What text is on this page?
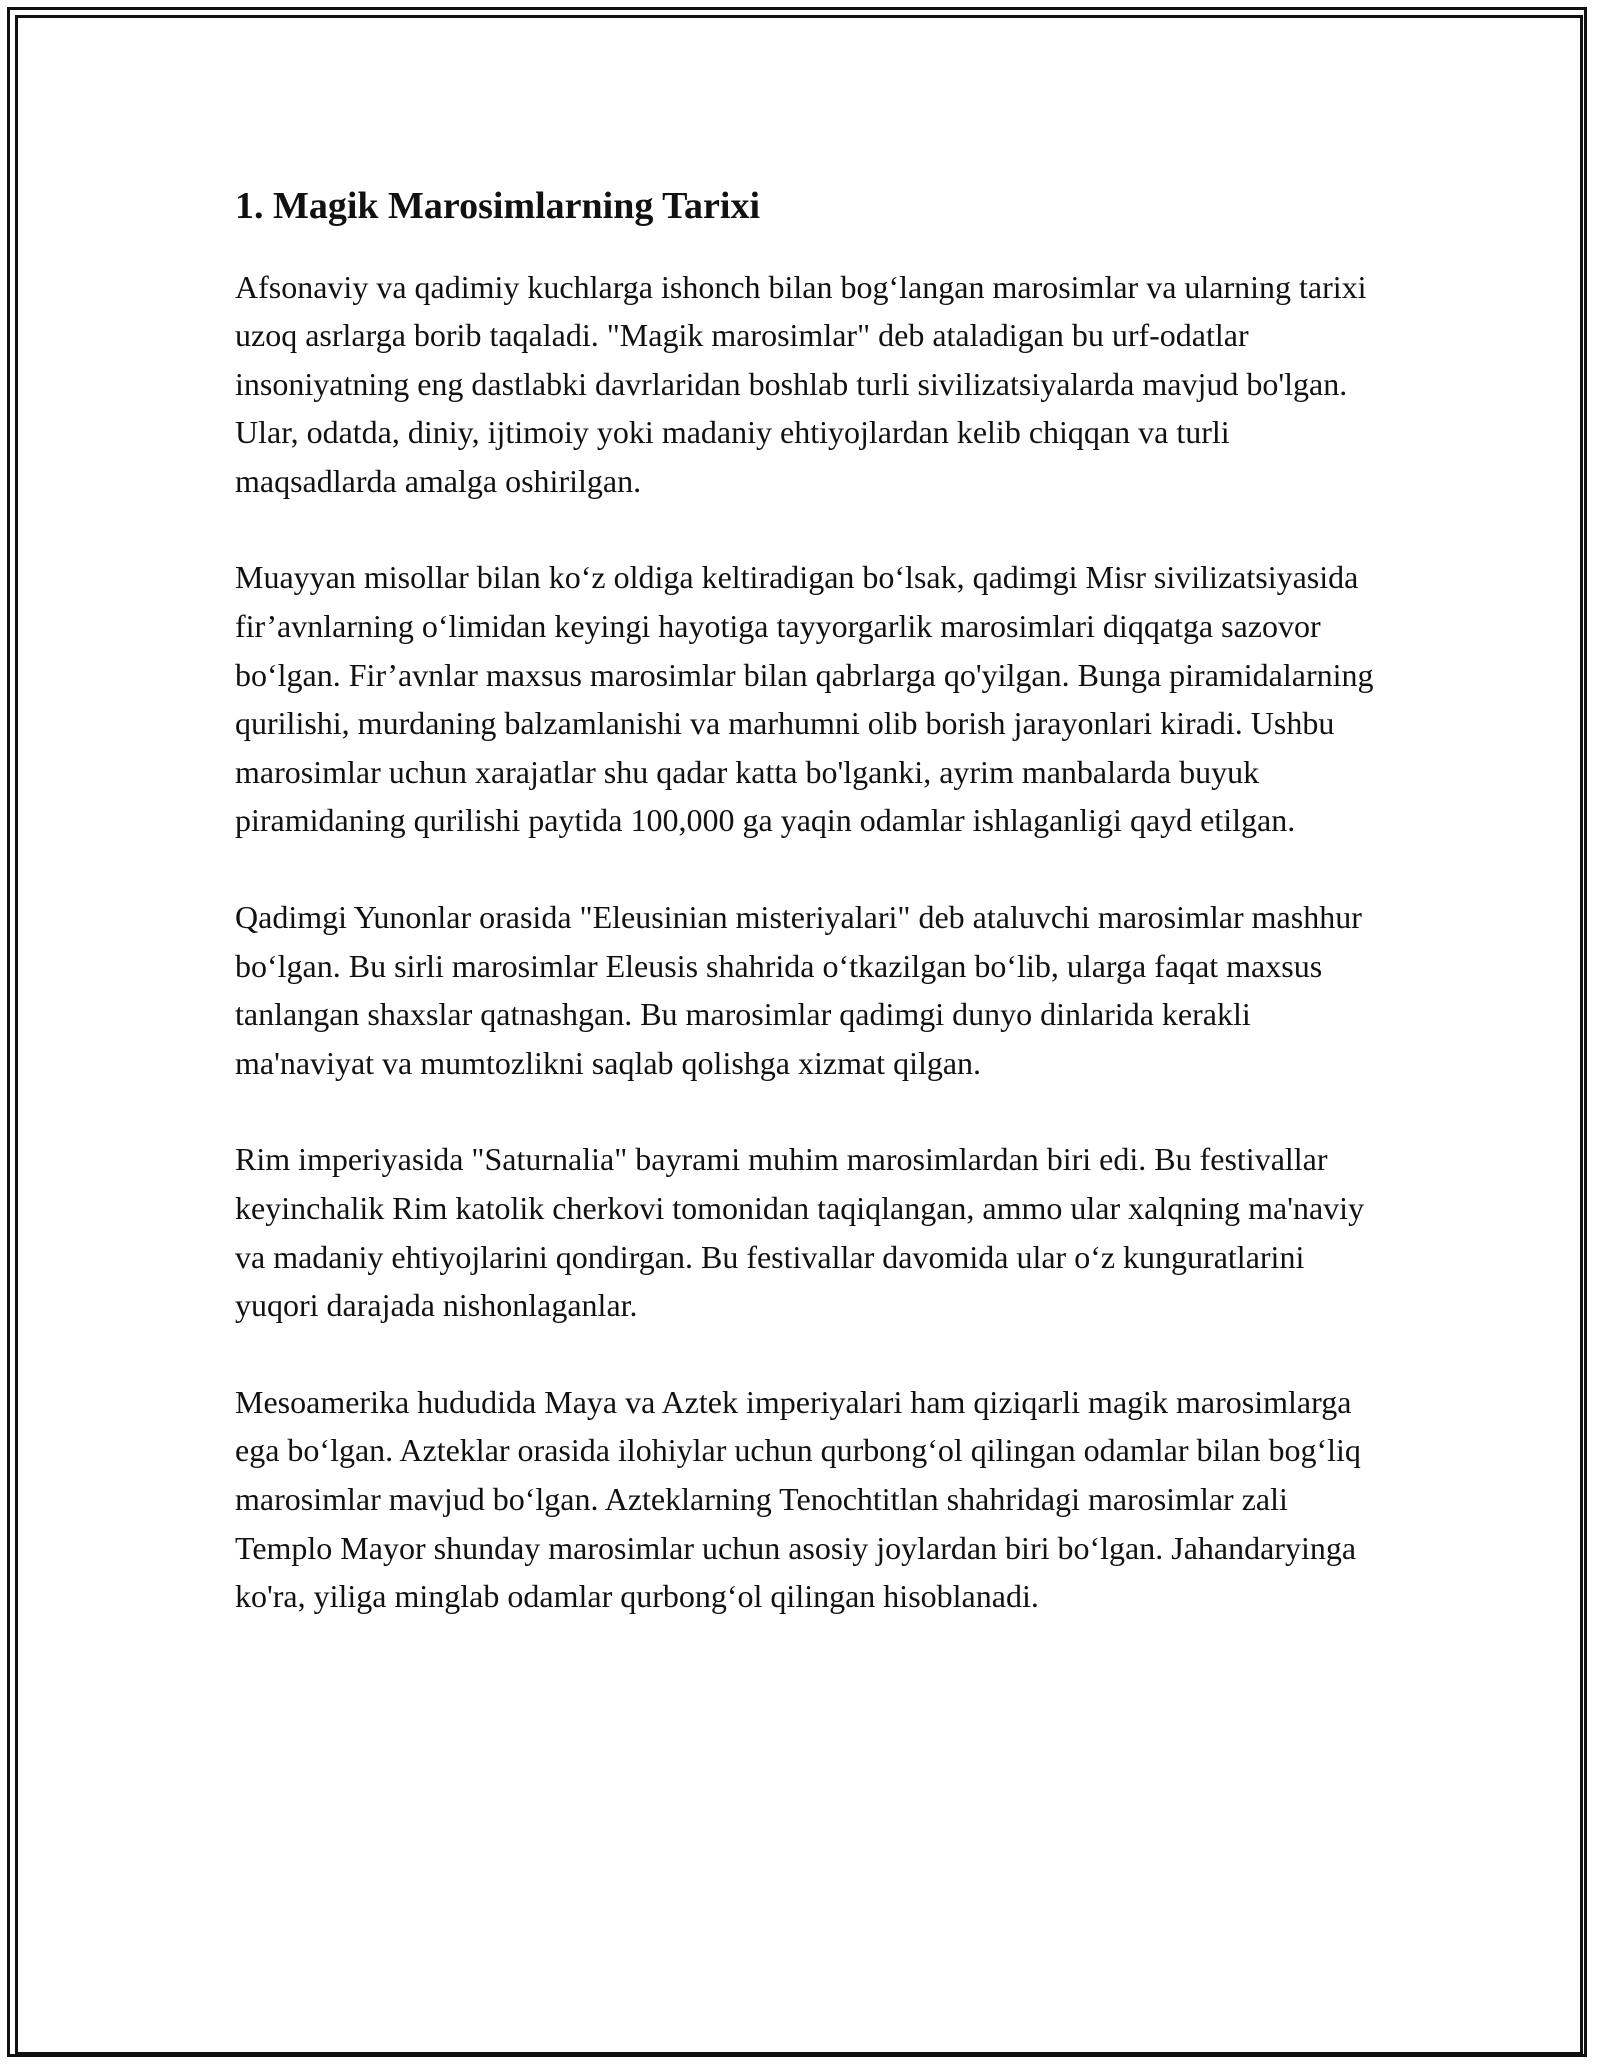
1. Magik Marosimlarning Tarixi

Afsonaviy va qadimiy kuchlarga ishonch bilan bog‘langan marosimlar va ularning tarixi uzoq asrlarga borib taqaladi. "Magik marosimlar" deb ataladigan bu urf-odatlar insoniyatning eng dastlabki davrlaridan boshlab turli sivilizatsiyalarda mavjud bo'lgan. Ular, odatda, diniy, ijtimoiy yoki madaniy ehtiyojlardan kelib chiqqan va turli maqsadlarda amalga oshirilgan.

Muayyan misollar bilan ko‘z oldiga keltiradigan bo‘lsak, qadimgi Misr sivilizatsiyasida fir’avnlarning o‘limidan keyingi hayotiga tayyorgarlik marosimlari diqqatga sazovor bo‘lgan. Fir’avnlar maxsus marosimlar bilan qabrlarga qo'yilgan. Bunga piramidalarning qurilishi, murdaning balzamlanishi va marhumni olib borish jarayonlari kiradi. Ushbu marosimlar uchun xarajatlar shu qadar katta bo'lganki, ayrim manbalarda buyuk piramidaning qurilishi paytida 100,000 ga yaqin odamlar ishlaganligi qayd etilgan.

Qadimgi Yunonlar orasida "Eleusinian misteriyalari" deb ataluvchi marosimlar mashhur bo‘lgan. Bu sirli marosimlar Eleusis shahrida o‘tkazilgan bo‘lib, ularga faqat maxsus tanlangan shaxslar qatnashgan. Bu marosimlar qadimgi dunyo dinlarida kerakli ma'naviyat va mumtozlikni saqlab qolishga xizmat qilgan.

Rim imperiyasida "Saturnalia" bayrami muhim marosimlardan biri edi. Bu festivallar keyinchalik Rim katolik cherkovi tomonidan taqiqlangan, ammo ular xalqning ma'naviy va madaniy ehtiyojlarini qondirgan. Bu festivallar davomida ular o‘z kunguratlarini yuqori darajada nishonlaganlar.

Mesoamerika hududida Maya va Aztek imperiyalari ham qiziqarli magik marosimlarga ega bo‘lgan. Azteklar orasida ilohiylar uchun qurbong‘ol qilingan odamlar bilan bog‘liq marosimlar mavjud bo‘lgan. Azteklarning Tenochtitlan shahridagi marosimlar zali Templo Mayor shunday marosimlar uchun asosiy joylardan biri bo‘lgan. Jahandaryinga ko'ra, yiliga minglab odamlar qurbong‘ol qilingan hisoblanadi.
